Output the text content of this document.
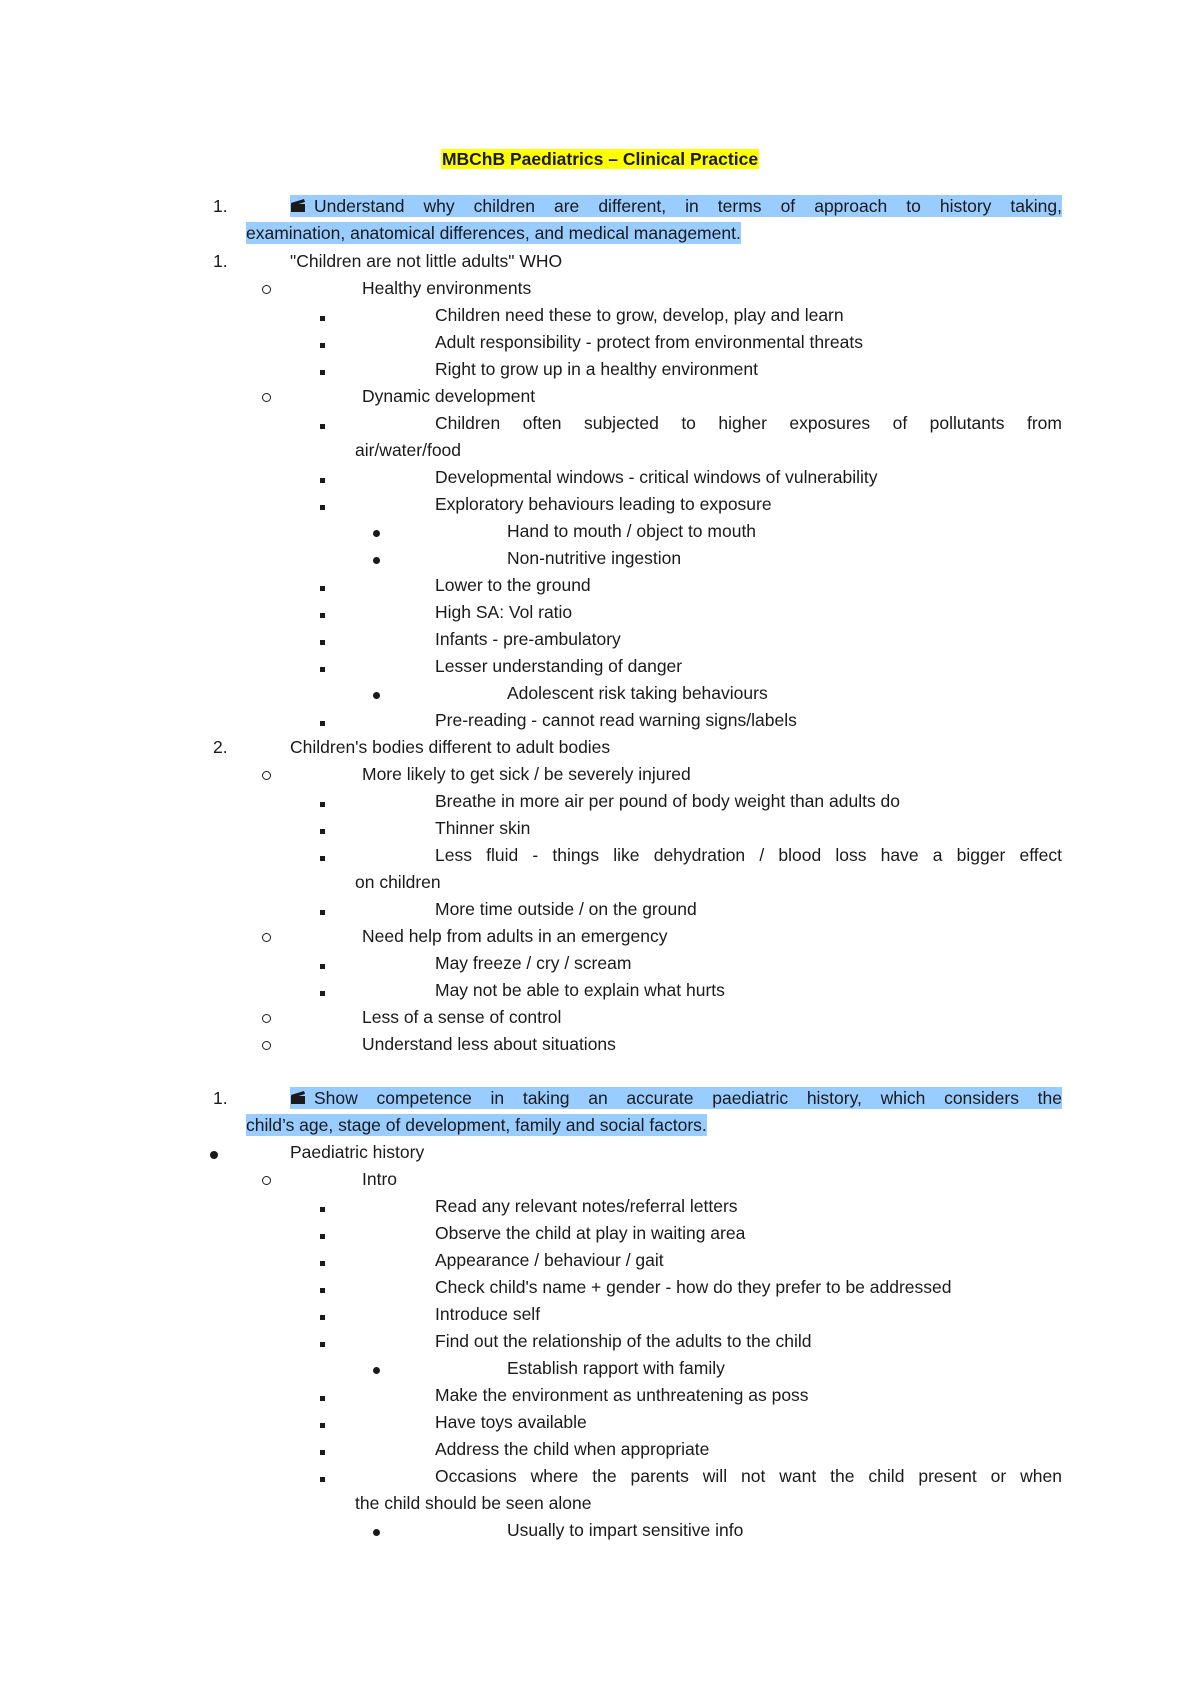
MBChB Paediatrics – Clinical Practice
1.	Understand why children are different, in terms of approach to history taking,
examination, anatomical differences, and medical management.
1.	"Children are not little adults" WHO
Healthy environments
Children need these to grow, develop, play and learn
Adult responsibility - protect from environmental threats
Right to grow up in a healthy environment
Dynamic development
Children often subjected to higher exposures of pollutants from
air/water/food
Developmental windows - critical windows of vulnerability
Exploratory behaviours leading to exposure
Hand to mouth / object to mouth
Non-nutritive ingestion
Lower to the ground
High SA: Vol ratio
Infants - pre-ambulatory
Lesser understanding of danger
Adolescent risk taking behaviours
Pre-reading - cannot read warning signs/labels
2.	Children's bodies different to adult bodies
More likely to get sick / be severely injured
Breathe in more air per pound of body weight than adults do
Thinner skin
Less fluid - things like dehydration / blood loss have a bigger effect
on children
More time outside / on the ground
Need help from adults in an emergency
May freeze / cry / scream
May not be able to explain what hurts
Less of a sense of control
Understand less about situations
1.	Show competence in taking an accurate paediatric history, which considers the
child’s age, stage of development, family and social factors.
Paediatric history
Intro
Read any relevant notes/referral letters
Observe the child at play in waiting area
Appearance / behaviour / gait
Check child's name + gender - how do they prefer to be addressed
Introduce self
Find out the relationship of the adults to the child
Establish rapport with family
Make the environment as unthreatening as poss
Have toys available
Address the child when appropriate
Occasions where the parents will not want the child present or when
the child should be seen alone
Usually to impart sensitive info
